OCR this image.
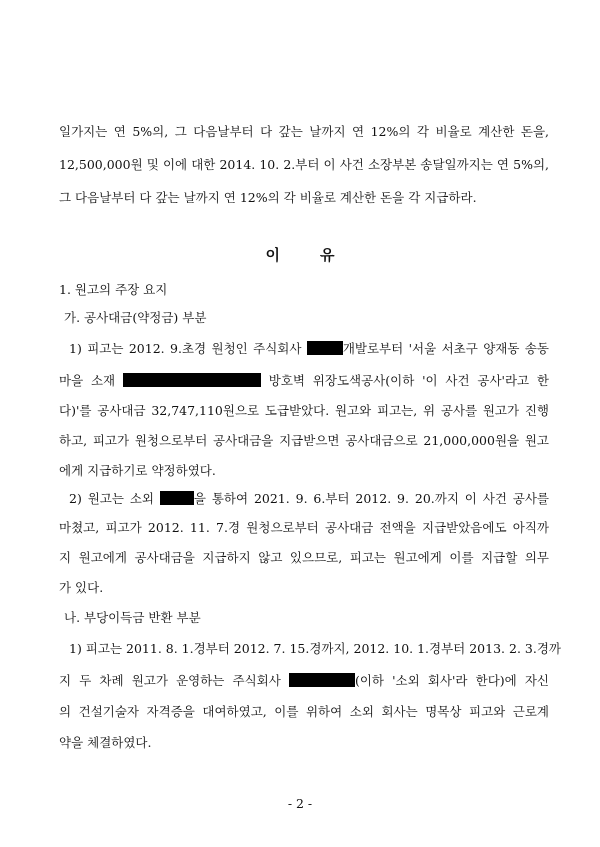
일가지는 연 5%의, 그 다음날부터 다 갚는 날까지 연 12%의 각 비율로 계산한 돈을,
12,500,000원 및 이에 대한 2014. 10. 2.부터 이 사건 소장부본 송달일까지는 연 5%의,
그 다음날부터 다 갚는 날까지 연 12%의 각 비율로 계산한 돈을 각 지급하라.
이	유
1. 원고의 주장 요지
가. 공사대금(약정금) 부분
1) 피고는 2012. 9.초경 원청인 주식회사	개발로부터 '서울 서초구 양재동 송동
마을 소재	방호벽 위장도색공사(이하 '이 사건 공사'라고 한
다)'를 공사대금 32,747,110원으로 도급받았다. 원고와 피고는, 위 공사를 원고가 진행
하고, 피고가 원청으로부터 공사대금을 지급받으면 공사대금으로 21,000,000원을 원고
에게 지급하기로 약정하였다.
2) 원고는 소외	을 통하여 2021. 9. 6.부터 2012. 9. 20.까지 이 사건 공사를
마쳤고, 피고가 2012. 11. 7.경 원청으로부터 공사대금 전액을 지급받았음에도 아직까
지 원고에게 공사대금을 지급하지 않고 있으므로, 피고는 원고에게 이를 지급할 의무
가 있다.
나. 부당이득금 반환 부분
1) 피고는 2011. 8. 1.경부터 2012. 7. 15.경까지, 2012. 10. 1.경부터 2013. 2. 3.경까
지 두 차례 원고가 운영하는 주식회사	(이하 '소외 회사'라 한다)에 자신
의 건설기술자 자격증을 대여하였고, 이를 위하여 소외 회사는 명목상 피고와 근로계
약을 체결하였다.
- 2 -
